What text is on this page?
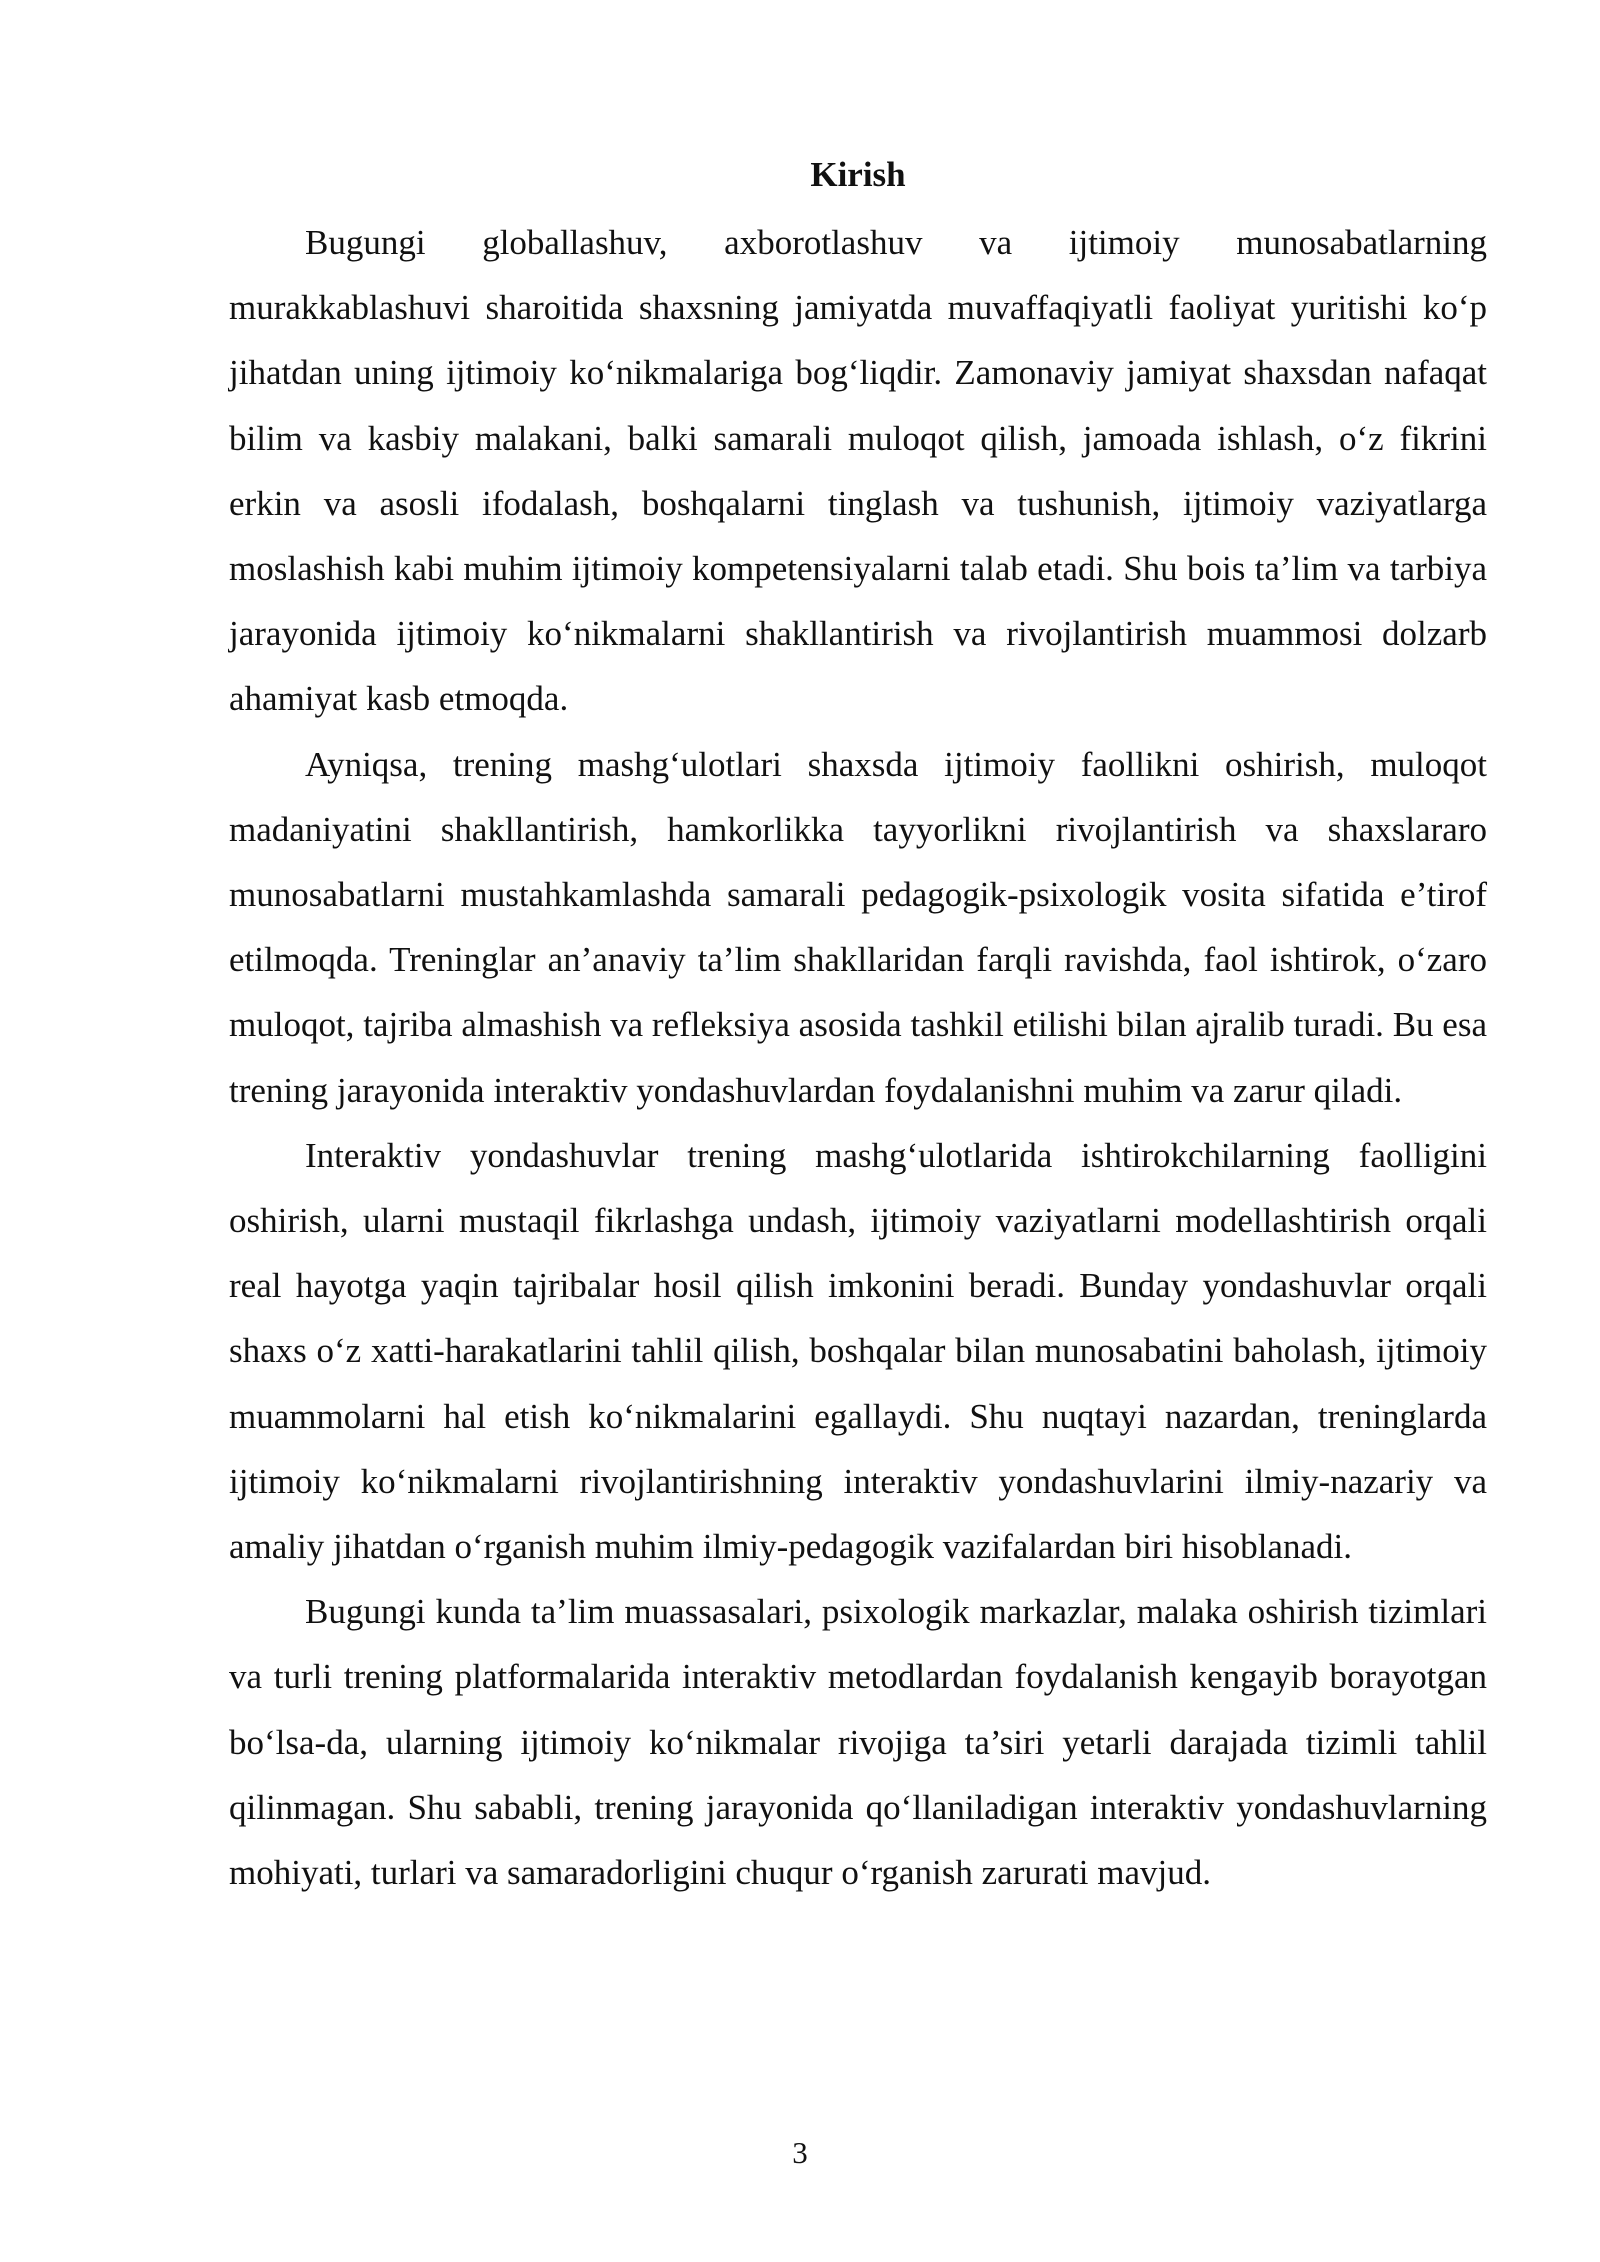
Kirish

Bugungi globallashuv, axborotlashuv va ijtimoiy munosabatlarning murakkablashuvi sharoitida shaxsning jamiyatda muvaffaqiyatli faoliyat yuritishi ko‘p jihatdan uning ijtimoiy ko‘nikmalariga bog‘liqdir. Zamonaviy jamiyat shaxsdan nafaqat bilim va kasbiy malakani, balki samarali muloqot qilish, jamoada ishlash, o‘z fikrini erkin va asosli ifodalash, boshqalarni tinglash va tushunish, ijtimoiy vaziyatlarga moslashish kabi muhim ijtimoiy kompetensiyalarni talab etadi. Shu bois ta’lim va tarbiya jarayonida ijtimoiy ko‘nikmalarni shakllantirish va rivojlantirish muammosi dolzarb ahamiyat kasb etmoqda.

Ayniqsa, trening mashg‘ulotlari shaxsda ijtimoiy faollikni oshirish, muloqot madaniyatini shakllantirish, hamkorlikka tayyorlikni rivojlantirish va shaxslararo munosabatlarni mustahkamlashda samarali pedagogik-psixologik vosita sifatida e’tirof etilmoqda. Treninglar an’anaviy ta’lim shakllaridan farqli ravishda, faol ishtirok, o‘zaro muloqot, tajriba almashish va refleksiya asosida tashkil etilishi bilan ajralib turadi. Bu esa trening jarayonida interaktiv yondashuvlardan foydalanishni muhim va zarur qiladi.

Interaktiv yondashuvlar trening mashg‘ulotlarida ishtirokchilarning faolligini oshirish, ularni mustaqil fikrlashga undash, ijtimoiy vaziyatlarni modellashtirish orqali real hayotga yaqin tajribalar hosil qilish imkonini beradi. Bunday yondashuvlar orqali shaxs o‘z xatti-harakatlarini tahlil qilish, boshqalar bilan munosabatini baholash, ijtimoiy muammolarni hal etish ko‘nikmalarini egallaydi. Shu nuqtayi nazardan, treninglarda ijtimoiy ko‘nikmalarni rivojlantirishning interaktiv yondashuvlarini ilmiy-nazariy va amaliy jihatdan o‘rganish muhim ilmiy-pedagogik vazifalardan biri hisoblanadi.

Bugungi kunda ta’lim muassasalari, psixologik markazlar, malaka oshirish tizimlari va turli trening platformalarida interaktiv metodlardan foydalanish kengayib borayotgan bo‘lsa-da, ularning ijtimoiy ko‘nikmalar rivojiga ta’siri yetarli darajada tizimli tahlil qilinmagan. Shu sababli, trening jarayonida qo‘llaniladigan interaktiv yondashuvlarning mohiyati, turlari va samaradorligini chuqur o‘rganish zarurati mavjud.

3
